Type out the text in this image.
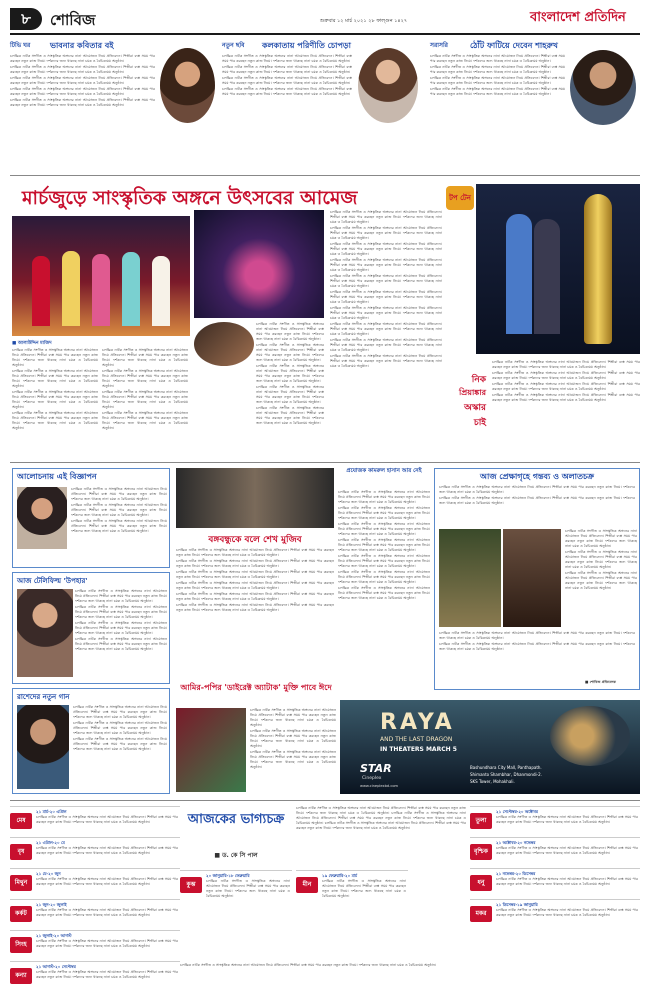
৮	শোবিজ	শুক্রবার ১২ মার্চ ২০২১ ২৮ ফাল্গুন ১৪২৭	বাংলাদেশ প্রতিদিন
টিভি ঘর	ভাবনার কবিতার বই

চলচ্চিত্র নাটক সংগীত ও সাংস্কৃতিক অঙ্গনের নানা আয়োজন নিয়ে প্রতিবেদন। শিল্পীরা ব্যস্ত সময় পার করছেন নতুন কাজ নিয়ে। দর্শকদের জন্য থাকছে নানা চমক ও বৈচিত্র্যময় অনুষ্ঠান।

চলচ্চিত্র নাটক সংগীত ও সাংস্কৃতিক অঙ্গনের নানা আয়োজন নিয়ে প্রতিবেদন। শিল্পীরা ব্যস্ত সময় পার করছেন নতুন কাজ নিয়ে। দর্শকদের জন্য থাকছে নানা চমক ও বৈচিত্র্যময় অনুষ্ঠান।

চলচ্চিত্র নাটক সংগীত ও সাংস্কৃতিক অঙ্গনের নানা আয়োজন নিয়ে প্রতিবেদন। শিল্পীরা ব্যস্ত সময় পার করছেন নতুন কাজ নিয়ে। দর্শকদের জন্য থাকছে নানা চমক ও বৈচিত্র্যময় অনুষ্ঠান।

চলচ্চিত্র নাটক সংগীত ও সাংস্কৃতিক অঙ্গনের নানা আয়োজন নিয়ে প্রতিবেদন। শিল্পীরা ব্যস্ত সময় পার করছেন নতুন কাজ নিয়ে। দর্শকদের জন্য থাকছে নানা চমক ও বৈচিত্র্যময় অনুষ্ঠান।

চলচ্চিত্র নাটক সংগীত ও সাংস্কৃতিক অঙ্গনের নানা আয়োজন নিয়ে প্রতিবেদন। শিল্পীরা ব্যস্ত সময় পার করছেন নতুন কাজ নিয়ে। দর্শকদের জন্য থাকছে নানা চমক ও বৈচিত্র্যময় অনুষ্ঠান।

নতুন ছবি	কলকাতায় পরিণীতি চোপড়া

চলচ্চিত্র নাটক সংগীত ও সাংস্কৃতিক অঙ্গনের নানা আয়োজন নিয়ে প্রতিবেদন। শিল্পীরা ব্যস্ত সময় পার করছেন নতুন কাজ নিয়ে। দর্শকদের জন্য থাকছে নানা চমক ও বৈচিত্র্যময় অনুষ্ঠান।

চলচ্চিত্র নাটক সংগীত ও সাংস্কৃতিক অঙ্গনের নানা আয়োজন নিয়ে প্রতিবেদন। শিল্পীরা ব্যস্ত সময় পার করছেন নতুন কাজ নিয়ে। দর্শকদের জন্য থাকছে নানা চমক ও বৈচিত্র্যময় অনুষ্ঠান।

চলচ্চিত্র নাটক সংগীত ও সাংস্কৃতিক অঙ্গনের নানা আয়োজন নিয়ে প্রতিবেদন। শিল্পীরা ব্যস্ত সময় পার করছেন নতুন কাজ নিয়ে। দর্শকদের জন্য থাকছে নানা চমক ও বৈচিত্র্যময় অনুষ্ঠান।

চলচ্চিত্র নাটক সংগীত ও সাংস্কৃতিক অঙ্গনের নানা আয়োজন নিয়ে প্রতিবেদন। শিল্পীরা ব্যস্ত সময় পার করছেন নতুন কাজ নিয়ে। দর্শকদের জন্য থাকছে নানা চমক ও বৈচিত্র্যময় অনুষ্ঠান।

সরাসরি	ঠোঁট ফাটিয়ে দেবেন শাহরুখ

চলচ্চিত্র নাটক সংগীত ও সাংস্কৃতিক অঙ্গনের নানা আয়োজন নিয়ে প্রতিবেদন। শিল্পীরা ব্যস্ত সময় পার করছেন নতুন কাজ নিয়ে। দর্শকদের জন্য থাকছে নানা চমক ও বৈচিত্র্যময় অনুষ্ঠান।

চলচ্চিত্র নাটক সংগীত ও সাংস্কৃতিক অঙ্গনের নানা আয়োজন নিয়ে প্রতিবেদন। শিল্পীরা ব্যস্ত সময় পার করছেন নতুন কাজ নিয়ে। দর্শকদের জন্য থাকছে নানা চমক ও বৈচিত্র্যময় অনুষ্ঠান।

চলচ্চিত্র নাটক সংগীত ও সাংস্কৃতিক অঙ্গনের নানা আয়োজন নিয়ে প্রতিবেদন। শিল্পীরা ব্যস্ত সময় পার করছেন নতুন কাজ নিয়ে। দর্শকদের জন্য থাকছে নানা চমক ও বৈচিত্র্যময় অনুষ্ঠান।

চলচ্চিত্র নাটক সংগীত ও সাংস্কৃতিক অঙ্গনের নানা আয়োজন নিয়ে প্রতিবেদন। শিল্পীরা ব্যস্ত সময় পার করছেন নতুন কাজ নিয়ে। দর্শকদের জন্য থাকছে নানা চমক ও বৈচিত্র্যময় অনুষ্ঠান।

মার্চজুড়ে সাংস্কৃতিক অঙ্গনে উৎসবের আমেজ
■ আলাউদ্দিন মাজিদ

চলচ্চিত্র নাটক সংগীত ও সাংস্কৃতিক অঙ্গনের নানা আয়োজন নিয়ে প্রতিবেদন। শিল্পীরা ব্যস্ত সময় পার করছেন নতুন কাজ নিয়ে। দর্শকদের জন্য থাকছে নানা চমক ও বৈচিত্র্যময় অনুষ্ঠান।

চলচ্চিত্র নাটক সংগীত ও সাংস্কৃতিক অঙ্গনের নানা আয়োজন নিয়ে প্রতিবেদন। শিল্পীরা ব্যস্ত সময় পার করছেন নতুন কাজ নিয়ে। দর্শকদের জন্য থাকছে নানা চমক ও বৈচিত্র্যময় অনুষ্ঠান।

চলচ্চিত্র নাটক সংগীত ও সাংস্কৃতিক অঙ্গনের নানা আয়োজন নিয়ে প্রতিবেদন। শিল্পীরা ব্যস্ত সময় পার করছেন নতুন কাজ নিয়ে। দর্শকদের জন্য থাকছে নানা চমক ও বৈচিত্র্যময় অনুষ্ঠান।

চলচ্চিত্র নাটক সংগীত ও সাংস্কৃতিক অঙ্গনের নানা আয়োজন নিয়ে প্রতিবেদন। শিল্পীরা ব্যস্ত সময় পার করছেন নতুন কাজ নিয়ে। দর্শকদের জন্য থাকছে নানা চমক ও বৈচিত্র্যময় অনুষ্ঠান।

চলচ্চিত্র নাটক সংগীত ও সাংস্কৃতিক অঙ্গনের নানা আয়োজন নিয়ে প্রতিবেদন। শিল্পীরা ব্যস্ত সময় পার করছেন নতুন কাজ নিয়ে। দর্শকদের জন্য থাকছে নানা চমক ও বৈচিত্র্যময় অনুষ্ঠান।

চলচ্চিত্র নাটক সংগীত ও সাংস্কৃতিক অঙ্গনের নানা আয়োজন নিয়ে প্রতিবেদন। শিল্পীরা ব্যস্ত সময় পার করছেন নতুন কাজ নিয়ে। দর্শকদের জন্য থাকছে নানা চমক ও বৈচিত্র্যময় অনুষ্ঠান।

চলচ্চিত্র নাটক সংগীত ও সাংস্কৃতিক অঙ্গনের নানা আয়োজন নিয়ে প্রতিবেদন। শিল্পীরা ব্যস্ত সময় পার করছেন নতুন কাজ নিয়ে। দর্শকদের জন্য থাকছে নানা চমক ও বৈচিত্র্যময় অনুষ্ঠান।

চলচ্চিত্র নাটক সংগীত ও সাংস্কৃতিক অঙ্গনের নানা আয়োজন নিয়ে প্রতিবেদন। শিল্পীরা ব্যস্ত সময় পার করছেন নতুন কাজ নিয়ে। দর্শকদের জন্য থাকছে নানা চমক ও বৈচিত্র্যময় অনুষ্ঠান।

চলচ্চিত্র নাটক সংগীত ও সাংস্কৃতিক অঙ্গনের নানা আয়োজন নিয়ে প্রতিবেদন। শিল্পীরা ব্যস্ত সময় পার করছেন নতুন কাজ নিয়ে। দর্শকদের জন্য থাকছে নানা চমক ও বৈচিত্র্যময় অনুষ্ঠান।

চলচ্চিত্র নাটক সংগীত ও সাংস্কৃতিক অঙ্গনের নানা আয়োজন নিয়ে প্রতিবেদন। শিল্পীরা ব্যস্ত সময় পার করছেন নতুন কাজ নিয়ে। দর্শকদের জন্য থাকছে নানা চমক ও বৈচিত্র্যময় অনুষ্ঠান।

চলচ্চিত্র নাটক সংগীত ও সাংস্কৃতিক অঙ্গনের নানা আয়োজন নিয়ে প্রতিবেদন। শিল্পীরা ব্যস্ত সময় পার করছেন নতুন কাজ নিয়ে। দর্শকদের জন্য থাকছে নানা চমক ও বৈচিত্র্যময় অনুষ্ঠান।

চলচ্চিত্র নাটক সংগীত ও সাংস্কৃতিক অঙ্গনের নানা আয়োজন নিয়ে প্রতিবেদন। শিল্পীরা ব্যস্ত সময় পার করছেন নতুন কাজ নিয়ে। দর্শকদের জন্য থাকছে নানা চমক ও বৈচিত্র্যময় অনুষ্ঠান।

চলচ্চিত্র নাটক সংগীত ও সাংস্কৃতিক অঙ্গনের নানা আয়োজন নিয়ে প্রতিবেদন। শিল্পীরা ব্যস্ত সময় পার করছেন নতুন কাজ নিয়ে। দর্শকদের জন্য থাকছে নানা চমক ও বৈচিত্র্যময় অনুষ্ঠান।

চলচ্চিত্র নাটক সংগীত ও সাংস্কৃতিক অঙ্গনের নানা আয়োজন নিয়ে প্রতিবেদন। শিল্পীরা ব্যস্ত সময় পার করছেন নতুন কাজ নিয়ে। দর্শকদের জন্য থাকছে নানা চমক ও বৈচিত্র্যময় অনুষ্ঠান।

চলচ্চিত্র নাটক সংগীত ও সাংস্কৃতিক অঙ্গনের নানা আয়োজন নিয়ে প্রতিবেদন। শিল্পীরা ব্যস্ত সময় পার করছেন নতুন কাজ নিয়ে। দর্শকদের জন্য থাকছে নানা চমক ও বৈচিত্র্যময় অনুষ্ঠান।

চলচ্চিত্র নাটক সংগীত ও সাংস্কৃতিক অঙ্গনের নানা আয়োজন নিয়ে প্রতিবেদন। শিল্পীরা ব্যস্ত সময় পার করছেন নতুন কাজ নিয়ে। দর্শকদের জন্য থাকছে নানা চমক ও বৈচিত্র্যময় অনুষ্ঠান।

চলচ্চিত্র নাটক সংগীত ও সাংস্কৃতিক অঙ্গনের নানা আয়োজন নিয়ে প্রতিবেদন। শিল্পীরা ব্যস্ত সময় পার করছেন নতুন কাজ নিয়ে। দর্শকদের জন্য থাকছে নানা চমক ও বৈচিত্র্যময় অনুষ্ঠান।

চলচ্চিত্র নাটক সংগীত ও সাংস্কৃতিক অঙ্গনের নানা আয়োজন নিয়ে প্রতিবেদন। শিল্পীরা ব্যস্ত সময় পার করছেন নতুন কাজ নিয়ে। দর্শকদের জন্য থাকছে নানা চমক ও বৈচিত্র্যময় অনুষ্ঠান।

চলচ্চিত্র নাটক সংগীত ও সাংস্কৃতিক অঙ্গনের নানা আয়োজন নিয়ে প্রতিবেদন। শিল্পীরা ব্যস্ত সময় পার করছেন নতুন কাজ নিয়ে। দর্শকদের জন্য থাকছে নানা চমক ও বৈচিত্র্যময় অনুষ্ঠান।

চলচ্চিত্র নাটক সংগীত ও সাংস্কৃতিক অঙ্গনের নানা আয়োজন নিয়ে প্রতিবেদন। শিল্পীরা ব্যস্ত সময় পার করছেন নতুন কাজ নিয়ে। দর্শকদের জন্য থাকছে নানা চমক ও বৈচিত্র্যময় অনুষ্ঠান।

চলচ্চিত্র নাটক সংগীত ও সাংস্কৃতিক অঙ্গনের নানা আয়োজন নিয়ে প্রতিবেদন। শিল্পীরা ব্যস্ত সময় পার করছেন নতুন কাজ নিয়ে। দর্শকদের জন্য থাকছে নানা চমক ও বৈচিত্র্যময় অনুষ্ঠান।

চলচ্চিত্র নাটক সংগীত ও সাংস্কৃতিক অঙ্গনের নানা আয়োজন নিয়ে প্রতিবেদন। শিল্পীরা ব্যস্ত সময় পার করছেন নতুন কাজ নিয়ে। দর্শকদের জন্য থাকছে নানা চমক ও বৈচিত্র্যময় অনুষ্ঠান।

চলচ্চিত্র নাটক সংগীত ও সাংস্কৃতিক অঙ্গনের নানা আয়োজন নিয়ে প্রতিবেদন। শিল্পীরা ব্যস্ত সময় পার করছেন নতুন কাজ নিয়ে। দর্শকদের জন্য থাকছে নানা চমক ও বৈচিত্র্যময় অনুষ্ঠান।

টপ টেন
নিক
প্রিয়াঙ্কার
অস্কার
চাই

চলচ্চিত্র নাটক সংগীত ও সাংস্কৃতিক অঙ্গনের নানা আয়োজন নিয়ে প্রতিবেদন। শিল্পীরা ব্যস্ত সময় পার করছেন নতুন কাজ নিয়ে। দর্শকদের জন্য থাকছে নানা চমক ও বৈচিত্র্যময় অনুষ্ঠান।

চলচ্চিত্র নাটক সংগীত ও সাংস্কৃতিক অঙ্গনের নানা আয়োজন নিয়ে প্রতিবেদন। শিল্পীরা ব্যস্ত সময় পার করছেন নতুন কাজ নিয়ে। দর্শকদের জন্য থাকছে নানা চমক ও বৈচিত্র্যময় অনুষ্ঠান।

চলচ্চিত্র নাটক সংগীত ও সাংস্কৃতিক অঙ্গনের নানা আয়োজন নিয়ে প্রতিবেদন। শিল্পীরা ব্যস্ত সময় পার করছেন নতুন কাজ নিয়ে। দর্শকদের জন্য থাকছে নানা চমক ও বৈচিত্র্যময় অনুষ্ঠান।

চলচ্চিত্র নাটক সংগীত ও সাংস্কৃতিক অঙ্গনের নানা আয়োজন নিয়ে প্রতিবেদন। শিল্পীরা ব্যস্ত সময় পার করছেন নতুন কাজ নিয়ে। দর্শকদের জন্য থাকছে নানা চমক ও বৈচিত্র্যময় অনুষ্ঠান।

প্রযোজক কামরুল হাসান আর নেই

চলচ্চিত্র নাটক সংগীত ও সাংস্কৃতিক অঙ্গনের নানা আয়োজন নিয়ে প্রতিবেদন। শিল্পীরা ব্যস্ত সময় পার করছেন নতুন কাজ নিয়ে। দর্শকদের জন্য থাকছে নানা চমক ও বৈচিত্র্যময় অনুষ্ঠান।

চলচ্চিত্র নাটক সংগীত ও সাংস্কৃতিক অঙ্গনের নানা আয়োজন নিয়ে প্রতিবেদন। শিল্পীরা ব্যস্ত সময় পার করছেন নতুন কাজ নিয়ে। দর্শকদের জন্য থাকছে নানা চমক ও বৈচিত্র্যময় অনুষ্ঠান।

চলচ্চিত্র নাটক সংগীত ও সাংস্কৃতিক অঙ্গনের নানা আয়োজন নিয়ে প্রতিবেদন। শিল্পীরা ব্যস্ত সময় পার করছেন নতুন কাজ নিয়ে। দর্শকদের জন্য থাকছে নানা চমক ও বৈচিত্র্যময় অনুষ্ঠান।

চলচ্চিত্র নাটক সংগীত ও সাংস্কৃতিক অঙ্গনের নানা আয়োজন নিয়ে প্রতিবেদন। শিল্পীরা ব্যস্ত সময় পার করছেন নতুন কাজ নিয়ে। দর্শকদের জন্য থাকছে নানা চমক ও বৈচিত্র্যময় অনুষ্ঠান।

চলচ্চিত্র নাটক সংগীত ও সাংস্কৃতিক অঙ্গনের নানা আয়োজন নিয়ে প্রতিবেদন। শিল্পীরা ব্যস্ত সময় পার করছেন নতুন কাজ নিয়ে। দর্শকদের জন্য থাকছে নানা চমক ও বৈচিত্র্যময় অনুষ্ঠান।

চলচ্চিত্র নাটক সংগীত ও সাংস্কৃতিক অঙ্গনের নানা আয়োজন নিয়ে প্রতিবেদন। শিল্পীরা ব্যস্ত সময় পার করছেন নতুন কাজ নিয়ে। দর্শকদের জন্য থাকছে নানা চমক ও বৈচিত্র্যময় অনুষ্ঠান।

চলচ্চিত্র নাটক সংগীত ও সাংস্কৃতিক অঙ্গনের নানা আয়োজন নিয়ে প্রতিবেদন। শিল্পীরা ব্যস্ত সময় পার করছেন নতুন কাজ নিয়ে। দর্শকদের জন্য থাকছে নানা চমক ও বৈচিত্র্যময় অনুষ্ঠান।

আজ প্রেক্ষাগৃহে গন্তব্য ও অলাতচক্র

চলচ্চিত্র নাটক সংগীত ও সাংস্কৃতিক অঙ্গনের নানা আয়োজন নিয়ে প্রতিবেদন। শিল্পীরা ব্যস্ত সময় পার করছেন নতুন কাজ নিয়ে। দর্শকদের জন্য থাকছে নানা চমক ও বৈচিত্র্যময় অনুষ্ঠান।

চলচ্চিত্র নাটক সংগীত ও সাংস্কৃতিক অঙ্গনের নানা আয়োজন নিয়ে প্রতিবেদন। শিল্পীরা ব্যস্ত সময় পার করছেন নতুন কাজ নিয়ে। দর্শকদের জন্য থাকছে নানা চমক ও বৈচিত্র্যময় অনুষ্ঠান।

চলচ্চিত্র নাটক সংগীত ও সাংস্কৃতিক অঙ্গনের নানা আয়োজন নিয়ে প্রতিবেদন। শিল্পীরা ব্যস্ত সময় পার করছেন নতুন কাজ নিয়ে। দর্শকদের জন্য থাকছে নানা চমক ও বৈচিত্র্যময় অনুষ্ঠান।

চলচ্চিত্র নাটক সংগীত ও সাংস্কৃতিক অঙ্গনের নানা আয়োজন নিয়ে প্রতিবেদন। শিল্পীরা ব্যস্ত সময় পার করছেন নতুন কাজ নিয়ে। দর্শকদের জন্য থাকছে নানা চমক ও বৈচিত্র্যময় অনুষ্ঠান।

চলচ্চিত্র নাটক সংগীত ও সাংস্কৃতিক অঙ্গনের নানা আয়োজন নিয়ে প্রতিবেদন। শিল্পীরা ব্যস্ত সময় পার করছেন নতুন কাজ নিয়ে। দর্শকদের জন্য থাকছে নানা চমক ও বৈচিত্র্যময় অনুষ্ঠান।

চলচ্চিত্র নাটক সংগীত ও সাংস্কৃতিক অঙ্গনের নানা আয়োজন নিয়ে প্রতিবেদন। শিল্পীরা ব্যস্ত সময় পার করছেন নতুন কাজ নিয়ে। দর্শকদের জন্য থাকছে নানা চমক ও বৈচিত্র্যময় অনুষ্ঠান।

চলচ্চিত্র নাটক সংগীত ও সাংস্কৃতিক অঙ্গনের নানা আয়োজন নিয়ে প্রতিবেদন। শিল্পীরা ব্যস্ত সময় পার করছেন নতুন কাজ নিয়ে। দর্শকদের জন্য থাকছে নানা চমক ও বৈচিত্র্যময় অনুষ্ঠান।

■ শোবিজ প্রতিবেদক
আলোচনায় এই বিজ্ঞাপন

চলচ্চিত্র নাটক সংগীত ও সাংস্কৃতিক অঙ্গনের নানা আয়োজন নিয়ে প্রতিবেদন। শিল্পীরা ব্যস্ত সময় পার করছেন নতুন কাজ নিয়ে। দর্শকদের জন্য থাকছে নানা চমক ও বৈচিত্র্যময় অনুষ্ঠান।

চলচ্চিত্র নাটক সংগীত ও সাংস্কৃতিক অঙ্গনের নানা আয়োজন নিয়ে প্রতিবেদন। শিল্পীরা ব্যস্ত সময় পার করছেন নতুন কাজ নিয়ে। দর্শকদের জন্য থাকছে নানা চমক ও বৈচিত্র্যময় অনুষ্ঠান।

চলচ্চিত্র নাটক সংগীত ও সাংস্কৃতিক অঙ্গনের নানা আয়োজন নিয়ে প্রতিবেদন। শিল্পীরা ব্যস্ত সময় পার করছেন নতুন কাজ নিয়ে। দর্শকদের জন্য থাকছে নানা চমক ও বৈচিত্র্যময় অনুষ্ঠান।

আজ টেলিফিল্ম 'উপহার'

চলচ্চিত্র নাটক সংগীত ও সাংস্কৃতিক অঙ্গনের নানা আয়োজন নিয়ে প্রতিবেদন। শিল্পীরা ব্যস্ত সময় পার করছেন নতুন কাজ নিয়ে। দর্শকদের জন্য থাকছে নানা চমক ও বৈচিত্র্যময় অনুষ্ঠান।

চলচ্চিত্র নাটক সংগীত ও সাংস্কৃতিক অঙ্গনের নানা আয়োজন নিয়ে প্রতিবেদন। শিল্পীরা ব্যস্ত সময় পার করছেন নতুন কাজ নিয়ে। দর্শকদের জন্য থাকছে নানা চমক ও বৈচিত্র্যময় অনুষ্ঠান।

চলচ্চিত্র নাটক সংগীত ও সাংস্কৃতিক অঙ্গনের নানা আয়োজন নিয়ে প্রতিবেদন। শিল্পীরা ব্যস্ত সময় পার করছেন নতুন কাজ নিয়ে। দর্শকদের জন্য থাকছে নানা চমক ও বৈচিত্র্যময় অনুষ্ঠান।

চলচ্চিত্র নাটক সংগীত ও সাংস্কৃতিক অঙ্গনের নানা আয়োজন নিয়ে প্রতিবেদন। শিল্পীরা ব্যস্ত সময় পার করছেন নতুন কাজ নিয়ে। দর্শকদের জন্য থাকছে নানা চমক ও বৈচিত্র্যময় অনুষ্ঠান।

রাশেদের নতুন গান

চলচ্চিত্র নাটক সংগীত ও সাংস্কৃতিক অঙ্গনের নানা আয়োজন নিয়ে প্রতিবেদন। শিল্পীরা ব্যস্ত সময় পার করছেন নতুন কাজ নিয়ে। দর্শকদের জন্য থাকছে নানা চমক ও বৈচিত্র্যময় অনুষ্ঠান।

চলচ্চিত্র নাটক সংগীত ও সাংস্কৃতিক অঙ্গনের নানা আয়োজন নিয়ে প্রতিবেদন। শিল্পীরা ব্যস্ত সময় পার করছেন নতুন কাজ নিয়ে। দর্শকদের জন্য থাকছে নানা চমক ও বৈচিত্র্যময় অনুষ্ঠান।

চলচ্চিত্র নাটক সংগীত ও সাংস্কৃতিক অঙ্গনের নানা আয়োজন নিয়ে প্রতিবেদন। শিল্পীরা ব্যস্ত সময় পার করছেন নতুন কাজ নিয়ে। দর্শকদের জন্য থাকছে নানা চমক ও বৈচিত্র্যময় অনুষ্ঠান।

বঙ্গবন্ধুকে বলে শেখ মুজিব

চলচ্চিত্র নাটক সংগীত ও সাংস্কৃতিক অঙ্গনের নানা আয়োজন নিয়ে প্রতিবেদন। শিল্পীরা ব্যস্ত সময় পার করছেন নতুন কাজ নিয়ে। দর্শকদের জন্য থাকছে নানা চমক ও বৈচিত্র্যময় অনুষ্ঠান।

চলচ্চিত্র নাটক সংগীত ও সাংস্কৃতিক অঙ্গনের নানা আয়োজন নিয়ে প্রতিবেদন। শিল্পীরা ব্যস্ত সময় পার করছেন নতুন কাজ নিয়ে। দর্শকদের জন্য থাকছে নানা চমক ও বৈচিত্র্যময় অনুষ্ঠান।

চলচ্চিত্র নাটক সংগীত ও সাংস্কৃতিক অঙ্গনের নানা আয়োজন নিয়ে প্রতিবেদন। শিল্পীরা ব্যস্ত সময় পার করছেন নতুন কাজ নিয়ে। দর্শকদের জন্য থাকছে নানা চমক ও বৈচিত্র্যময় অনুষ্ঠান।

চলচ্চিত্র নাটক সংগীত ও সাংস্কৃতিক অঙ্গনের নানা আয়োজন নিয়ে প্রতিবেদন। শিল্পীরা ব্যস্ত সময় পার করছেন নতুন কাজ নিয়ে। দর্শকদের জন্য থাকছে নানা চমক ও বৈচিত্র্যময় অনুষ্ঠান।

চলচ্চিত্র নাটক সংগীত ও সাংস্কৃতিক অঙ্গনের নানা আয়োজন নিয়ে প্রতিবেদন। শিল্পীরা ব্যস্ত সময় পার করছেন নতুন কাজ নিয়ে। দর্শকদের জন্য থাকছে নানা চমক ও বৈচিত্র্যময় অনুষ্ঠান।

চলচ্চিত্র নাটক সংগীত ও সাংস্কৃতিক অঙ্গনের নানা আয়োজন নিয়ে প্রতিবেদন। শিল্পীরা ব্যস্ত সময় পার করছেন নতুন কাজ নিয়ে। দর্শকদের জন্য থাকছে নানা চমক ও বৈচিত্র্যময় অনুষ্ঠান।

আমির-পপির 'ডাইরেক্ট অ্যাটাক' মুক্তি পাবে ঈদে

চলচ্চিত্র নাটক সংগীত ও সাংস্কৃতিক অঙ্গনের নানা আয়োজন নিয়ে প্রতিবেদন। শিল্পীরা ব্যস্ত সময় পার করছেন নতুন কাজ নিয়ে। দর্শকদের জন্য থাকছে নানা চমক ও বৈচিত্র্যময় অনুষ্ঠান।

চলচ্চিত্র নাটক সংগীত ও সাংস্কৃতিক অঙ্গনের নানা আয়োজন নিয়ে প্রতিবেদন। শিল্পীরা ব্যস্ত সময় পার করছেন নতুন কাজ নিয়ে। দর্শকদের জন্য থাকছে নানা চমক ও বৈচিত্র্যময় অনুষ্ঠান।

চলচ্চিত্র নাটক সংগীত ও সাংস্কৃতিক অঙ্গনের নানা আয়োজন নিয়ে প্রতিবেদন। শিল্পীরা ব্যস্ত সময় পার করছেন নতুন কাজ নিয়ে। দর্শকদের জন্য থাকছে নানা চমক ও বৈচিত্র্যময় অনুষ্ঠান।

RAYA
AND THE LAST DRAGON
IN THEATERS MARCH 5
STAR
Cineplex
www.cineplexbd.com
Bashundhara City Mall, Panthapath.
Shimanto Shambhar, Dhanmondi-2.
SKS Tower, Mohakhali.
আজকের ভাগ্যচক্র
■ ড. কে সি পাল
মেষ
২১ মার্চ-২০ এপ্রিল
চলচ্চিত্র নাটক সংগীত ও সাংস্কৃতিক অঙ্গনের নানা আয়োজন নিয়ে প্রতিবেদন। শিল্পীরা ব্যস্ত সময় পার করছেন নতুন কাজ নিয়ে। দর্শকদের জন্য থাকছে নানা চমক ও বৈচিত্র্যময় অনুষ্ঠান।
বৃষ
২১ এপ্রিল-২০ মে
চলচ্চিত্র নাটক সংগীত ও সাংস্কৃতিক অঙ্গনের নানা আয়োজন নিয়ে প্রতিবেদন। শিল্পীরা ব্যস্ত সময় পার করছেন নতুন কাজ নিয়ে। দর্শকদের জন্য থাকছে নানা চমক ও বৈচিত্র্যময় অনুষ্ঠান।
মিথুন
২১ মে-২০ জুন
চলচ্চিত্র নাটক সংগীত ও সাংস্কৃতিক অঙ্গনের নানা আয়োজন নিয়ে প্রতিবেদন। শিল্পীরা ব্যস্ত সময় পার করছেন নতুন কাজ নিয়ে। দর্শকদের জন্য থাকছে নানা চমক ও বৈচিত্র্যময় অনুষ্ঠান।
কর্কট
২১ জুন-২০ জুলাই
চলচ্চিত্র নাটক সংগীত ও সাংস্কৃতিক অঙ্গনের নানা আয়োজন নিয়ে প্রতিবেদন। শিল্পীরা ব্যস্ত সময় পার করছেন নতুন কাজ নিয়ে। দর্শকদের জন্য থাকছে নানা চমক ও বৈচিত্র্যময় অনুষ্ঠান।
সিংহ
২১ জুলাই-২০ আগস্ট
চলচ্চিত্র নাটক সংগীত ও সাংস্কৃতিক অঙ্গনের নানা আয়োজন নিয়ে প্রতিবেদন। শিল্পীরা ব্যস্ত সময় পার করছেন নতুন কাজ নিয়ে। দর্শকদের জন্য থাকছে নানা চমক ও বৈচিত্র্যময় অনুষ্ঠান।
কন্যা
২১ আগস্ট-২০ সেপ্টেম্বর
চলচ্চিত্র নাটক সংগীত ও সাংস্কৃতিক অঙ্গনের নানা আয়োজন নিয়ে প্রতিবেদন। শিল্পীরা ব্যস্ত সময় পার করছেন নতুন কাজ নিয়ে। দর্শকদের জন্য থাকছে নানা চমক ও বৈচিত্র্যময় অনুষ্ঠান।
তুলা
২১ সেপ্টেম্বর-২০ অক্টোবর
চলচ্চিত্র নাটক সংগীত ও সাংস্কৃতিক অঙ্গনের নানা আয়োজন নিয়ে প্রতিবেদন। শিল্পীরা ব্যস্ত সময় পার করছেন নতুন কাজ নিয়ে। দর্শকদের জন্য থাকছে নানা চমক ও বৈচিত্র্যময় অনুষ্ঠান।
বৃশ্চিক
২১ অক্টোবর-২০ নভেম্বর
চলচ্চিত্র নাটক সংগীত ও সাংস্কৃতিক অঙ্গনের নানা আয়োজন নিয়ে প্রতিবেদন। শিল্পীরা ব্যস্ত সময় পার করছেন নতুন কাজ নিয়ে। দর্শকদের জন্য থাকছে নানা চমক ও বৈচিত্র্যময় অনুষ্ঠান।
ধনু
২১ নভেম্বর-২০ ডিসেম্বর
চলচ্চিত্র নাটক সংগীত ও সাংস্কৃতিক অঙ্গনের নানা আয়োজন নিয়ে প্রতিবেদন। শিল্পীরা ব্যস্ত সময় পার করছেন নতুন কাজ নিয়ে। দর্শকদের জন্য থাকছে নানা চমক ও বৈচিত্র্যময় অনুষ্ঠান।
মকর
২১ ডিসেম্বর-১৯ জানুয়ারি
চলচ্চিত্র নাটক সংগীত ও সাংস্কৃতিক অঙ্গনের নানা আয়োজন নিয়ে প্রতিবেদন। শিল্পীরা ব্যস্ত সময় পার করছেন নতুন কাজ নিয়ে। দর্শকদের জন্য থাকছে নানা চমক ও বৈচিত্র্যময় অনুষ্ঠান।
কুম্ভ
২০ জানুয়ারি-১৮ ফেব্রুয়ারি
চলচ্চিত্র নাটক সংগীত ও সাংস্কৃতিক অঙ্গনের নানা আয়োজন নিয়ে প্রতিবেদন। শিল্পীরা ব্যস্ত সময় পার করছেন নতুন কাজ নিয়ে। দর্শকদের জন্য থাকছে নানা চমক ও বৈচিত্র্যময় অনুষ্ঠান।
মীন
১৯ ফেব্রুয়ারি-২০ মার্চ
চলচ্চিত্র নাটক সংগীত ও সাংস্কৃতিক অঙ্গনের নানা আয়োজন নিয়ে প্রতিবেদন। শিল্পীরা ব্যস্ত সময় পার করছেন নতুন কাজ নিয়ে। দর্শকদের জন্য থাকছে নানা চমক ও বৈচিত্র্যময় অনুষ্ঠান।
চলচ্চিত্র নাটক সংগীত ও সাংস্কৃতিক অঙ্গনের নানা আয়োজন নিয়ে প্রতিবেদন। শিল্পীরা ব্যস্ত সময় পার করছেন নতুন কাজ নিয়ে। দর্শকদের জন্য থাকছে নানা চমক ও বৈচিত্র্যময় অনুষ্ঠান। চলচ্চিত্র নাটক সংগীত ও সাংস্কৃতিক অঙ্গনের নানা আয়োজন নিয়ে প্রতিবেদন। শিল্পীরা ব্যস্ত সময় পার করছেন নতুন কাজ নিয়ে। দর্শকদের জন্য থাকছে নানা চমক ও বৈচিত্র্যময় অনুষ্ঠান। চলচ্চিত্র নাটক সংগীত ও সাংস্কৃতিক অঙ্গনের নানা আয়োজন নিয়ে প্রতিবেদন। শিল্পীরা ব্যস্ত সময় পার করছেন নতুন কাজ নিয়ে। দর্শকদের জন্য থাকছে নানা চমক ও বৈচিত্র্যময় অনুষ্ঠান।
চলচ্চিত্র নাটক সংগীত ও সাংস্কৃতিক অঙ্গনের নানা আয়োজন নিয়ে প্রতিবেদন। শিল্পীরা ব্যস্ত সময় পার করছেন নতুন কাজ নিয়ে। দর্শকদের জন্য থাকছে নানা চমক ও বৈচিত্র্যময় অনুষ্ঠান।
